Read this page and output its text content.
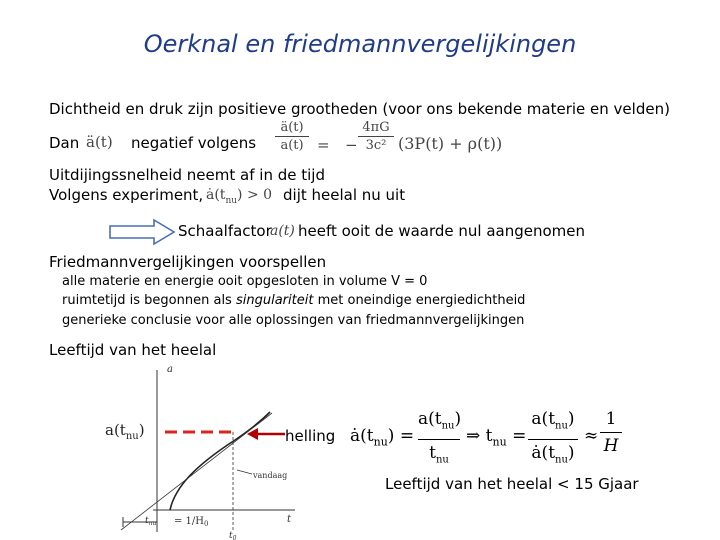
Oerknal en friedmannvergelijkingen
Dichtheid en druk zijn positieve grootheden (voor ons bekende materie en velden)
Dan ä(t) negatief volgens
ä(t)
a(t) = −
4πG
3c² (3P(t) + ρ(t))
Uitdijingssnelheid neemt af in de tijd
Volgens experiment, $ȧ(t_{nu}) > 0$ dijt heelal nu uit
Schaalfactor
a(t) heeft ooit de waarde nul aangenomen
Friedmannvergelijkingen voorspellen
alle materie en energie ooit opgesloten in volume V = 0
ruimtetijd is begonnen als singulariteit met oneindige energiedichtheid
generieke conclusie voor alle oplossingen van friedmannvergelijkingen
Leeftijd van het heelal
a
t
$a(t_{nu})$
vandaag
$t_{nu} = 1/H_0$
$t_0$
helling $ȧ(t_{nu})$ =
$a(t_{nu})$
$t_{nu}$
⇒ $t_{nu}$ =
$a(t_{nu})$
$ȧ(t_{nu})$
≈
1
H
Leeftijd van het heelal < 15 Gjaar
